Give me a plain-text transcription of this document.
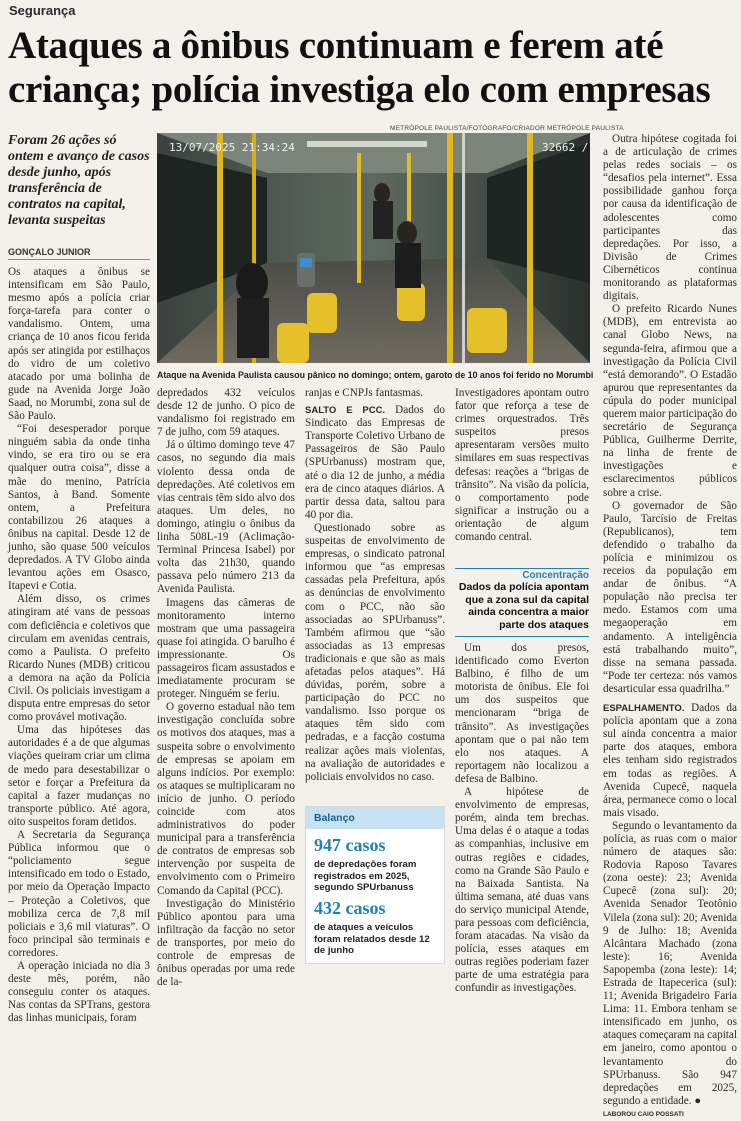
Segurança
Ataques a ônibus continuam e ferem até criança; polícia investiga elo com empresas
Foram 26 ações só ontem e avanço de casos desde junho, após transferência de contratos na capital, levanta suspeitas
GONÇALO JUNIOR

Os ataques a ônibus se intensificam em São Paulo, mesmo após a polícia criar força-tarefa para conter o vandalismo. Ontem, uma criança de 10 anos ficou ferida após ser atingida por estilhaços do vidro de um coletivo atacado por uma bolinha de gude na Avenida Jorge João Saad, no Morumbi, zona sul de São Paulo.

“Foi desesperador porque ninguém sabia da onde tinha vindo, se era tiro ou se era qualquer outra coisa”, disse a mãe do menino, Patrícia Santos, à Band. Somente ontem, a Prefeitura contabilizou 26 ataques a ônibus na capital. Desde 12 de junho, são quase 500 veículos depredados. A TV Globo ainda levantou ações em Osasco, Itapevi e Cotia.

Além disso, os crimes atingiram até vans de pessoas com deficiência e coletivos que circulam em avenidas centrais, como a Paulista. O prefeito Ricardo Nunes (MDB) criticou a demora na ação da Polícia Civil. Os policiais investigam a disputa entre empresas do setor como provável motivação.

Uma das hipóteses das autoridades é a de que algumas viações queiram criar um clima de medo para desestabilizar o setor e forçar a Prefeitura da capital a fazer mudanças no transporte público. Até agora, oito suspeitos foram detidos.

A Secretaria da Segurança Pública informou que o “policiamento segue intensificado em todo o Estado, por meio da Operação Impacto – Proteção a Coletivos, que mobiliza cerca de 7,8 mil policiais e 3,6 mil viaturas”. O foco principal são terminais e corredores.

A operação iniciada no dia 3 deste mês, porém, não conseguiu conter os ataques. Nas contas da SPTrans, gestora das linhas municipais, foram

METRÓPOLE PAULISTA/FOTÓGRAFO/CRIADOR METRÓPOLE PAULISTA
13/07/2025 21:34:24	32662 /
Ataque na Avenida Paulista causou pânico no domingo; ontem, garoto de 10 anos foi ferido no Morumbi

depredados 432 veículos desde 12 de junho. O pico de vandalismo foi registrado em 7 de julho, com 59 ataques.

Já o último domingo teve 47 casos, no segundo dia mais violento dessa onda de depredações. Até coletivos em vias centrais têm sido alvo dos ataques. Um deles, no domingo, atingiu o ônibus da linha 508L-19 (Aclimação-Terminal Princesa Isabel) por volta das 21h30, quando passava pelo número 213 da Avenida Paulista.

Imagens das câmeras de monitoramento interno mostram que uma passageira quase foi atingida. O barulho é impressionante. Os passageiros ficam assustados e imediatamente procuram se proteger. Ninguém se feriu.

O governo estadual não tem investigação concluída sobre os motivos dos ataques, mas a suspeita sobre o envolvimento de empresas se apoiam em alguns indícios. Por exemplo: os ataques se multiplicaram no início de junho. O período coincide com atos administrativos do poder municipal para a transferência de contratos de empresas sob intervenção por suspeita de envolvimento com o Primeiro Comando da Capital (PCC).

Investigação do Ministério Público apontou para uma infiltração da facção no setor de transportes, por meio do controle de empresas de ônibus operadas por uma rede de la-

ranjas e CNPJs fantasmas.

SALTO E PCC. Dados do Sindicato das Empresas de Transporte Coletivo Urbano de Passageiros de São Paulo (SPUrbanuss) mostram que, até o dia 12 de junho, a média era de cinco ataques diários. A partir dessa data, saltou para 40 por dia.

Questionado sobre as suspeitas de envolvimento de empresas, o sindicato patronal informou que “as empresas cassadas pela Prefeitura, após as denúncias de envolvimento com o PCC, não são associadas ao SPUrbanuss”. Também afirmou que “são associadas as 13 empresas tradicionais e que são as mais afetadas pelos ataques”. Há dúvidas, porém, sobre a participação do PCC no vandalismo. Isso porque os ataques têm sido com pedradas, e a facção costuma realizar ações mais violentas, na avaliação de autoridades e policiais envolvidos no caso.

Balanço
947 casos
de depredações foram registrados em 2025, segundo SPUrbanuss
432 casos
de ataques a veículos foram relatados desde 12 de junho

Investigadores apontam outro fator que reforça a tese de crimes orquestrados. Três suspeitos presos apresentaram versões muito similares em suas respectivas defesas: reações a “brigas de trânsito”. Na visão da polícia, o comportamento pode significar a instrução ou a orientação de algum comando central.

Concentração
Dados da polícia apontam que a zona sul da capital ainda concentra a maior parte dos ataques

Um dos presos, identificado como Everton Balbino, é filho de um motorista de ônibus. Ele foi um dos suspeitos que mencionaram “briga de trânsito”. As investigações apontam que o pai não tem elo nos ataques. A reportagem não localizou a defesa de Balbino.

A hipótese de envolvimento de empresas, porém, ainda tem brechas. Uma delas é o ataque a todas as companhias, inclusive em outras regiões e cidades, como na Grande São Paulo e na Baixada Santista. Na última semana, até duas vans do serviço municipal Atende, para pessoas com deficiência, foram atacadas. Na visão da polícia, esses ataques em outras regiões poderiam fazer parte de uma estratégia para confundir as investigações.

Outra hipótese cogitada foi a de articulação de crimes pelas redes sociais – os “desafios pela internet”. Essa possibilidade ganhou força por causa da identificação de adolescentes como participantes das depredações. Por isso, a Divisão de Crimes Cibernéticos continua monitorando as plataformas digitais.

O prefeito Ricardo Nunes (MDB), em entrevista ao canal Globo News, na segunda-feira, afirmou que a investigação da Polícia Civil “está demorando”. O Estadão apurou que representantes da cúpula do poder municipal querem maior participação do secretário de Segurança Pública, Guilherme Derrite, na linha de frente de investigações e esclarecimentos públicos sobre a crise.

O governador de São Paulo, Tarcísio de Freitas (Republicanos), tem defendido o trabalho da polícia e minimizou os receios da população em andar de ônibus. “A população não precisa ter medo. Estamos com uma megaoperação em andamento. A inteligência está trabalhando muito”, disse na semana passada. “Pode ter certeza: nós vamos desarticular essa quadrilha.”

ESPALHAMENTO. Dados da polícia apontam que a zona sul ainda concentra a maior parte dos ataques, embora eles tenham sido registrados em todas as regiões. A Avenida Cupecê, naquela área, permanece como o local mais visado.

Segundo o levantamento da polícia, as ruas com o maior número de ataques são: Rodovia Raposo Tavares (zona oeste): 23; Avenida Cupecê (zona sul): 20; Avenida Senador Teotônio Vilela (zona sul): 20; Avenida 9 de Julho: 18; Avenida Alcântara Machado (zona leste): 16; Avenida Sapopemba (zona leste): 14; Estrada de Itapecerica (sul): 11; Avenida Brigadeiro Faria Lima: 11. Embora tenham se intensificado em junho, os ataques começaram na capital em janeiro, como apontou o levantamento do SPUrbanuss. São 947 depredações em 2025, segundo a entidade. ●

LABOROU CAIO POSSATI
